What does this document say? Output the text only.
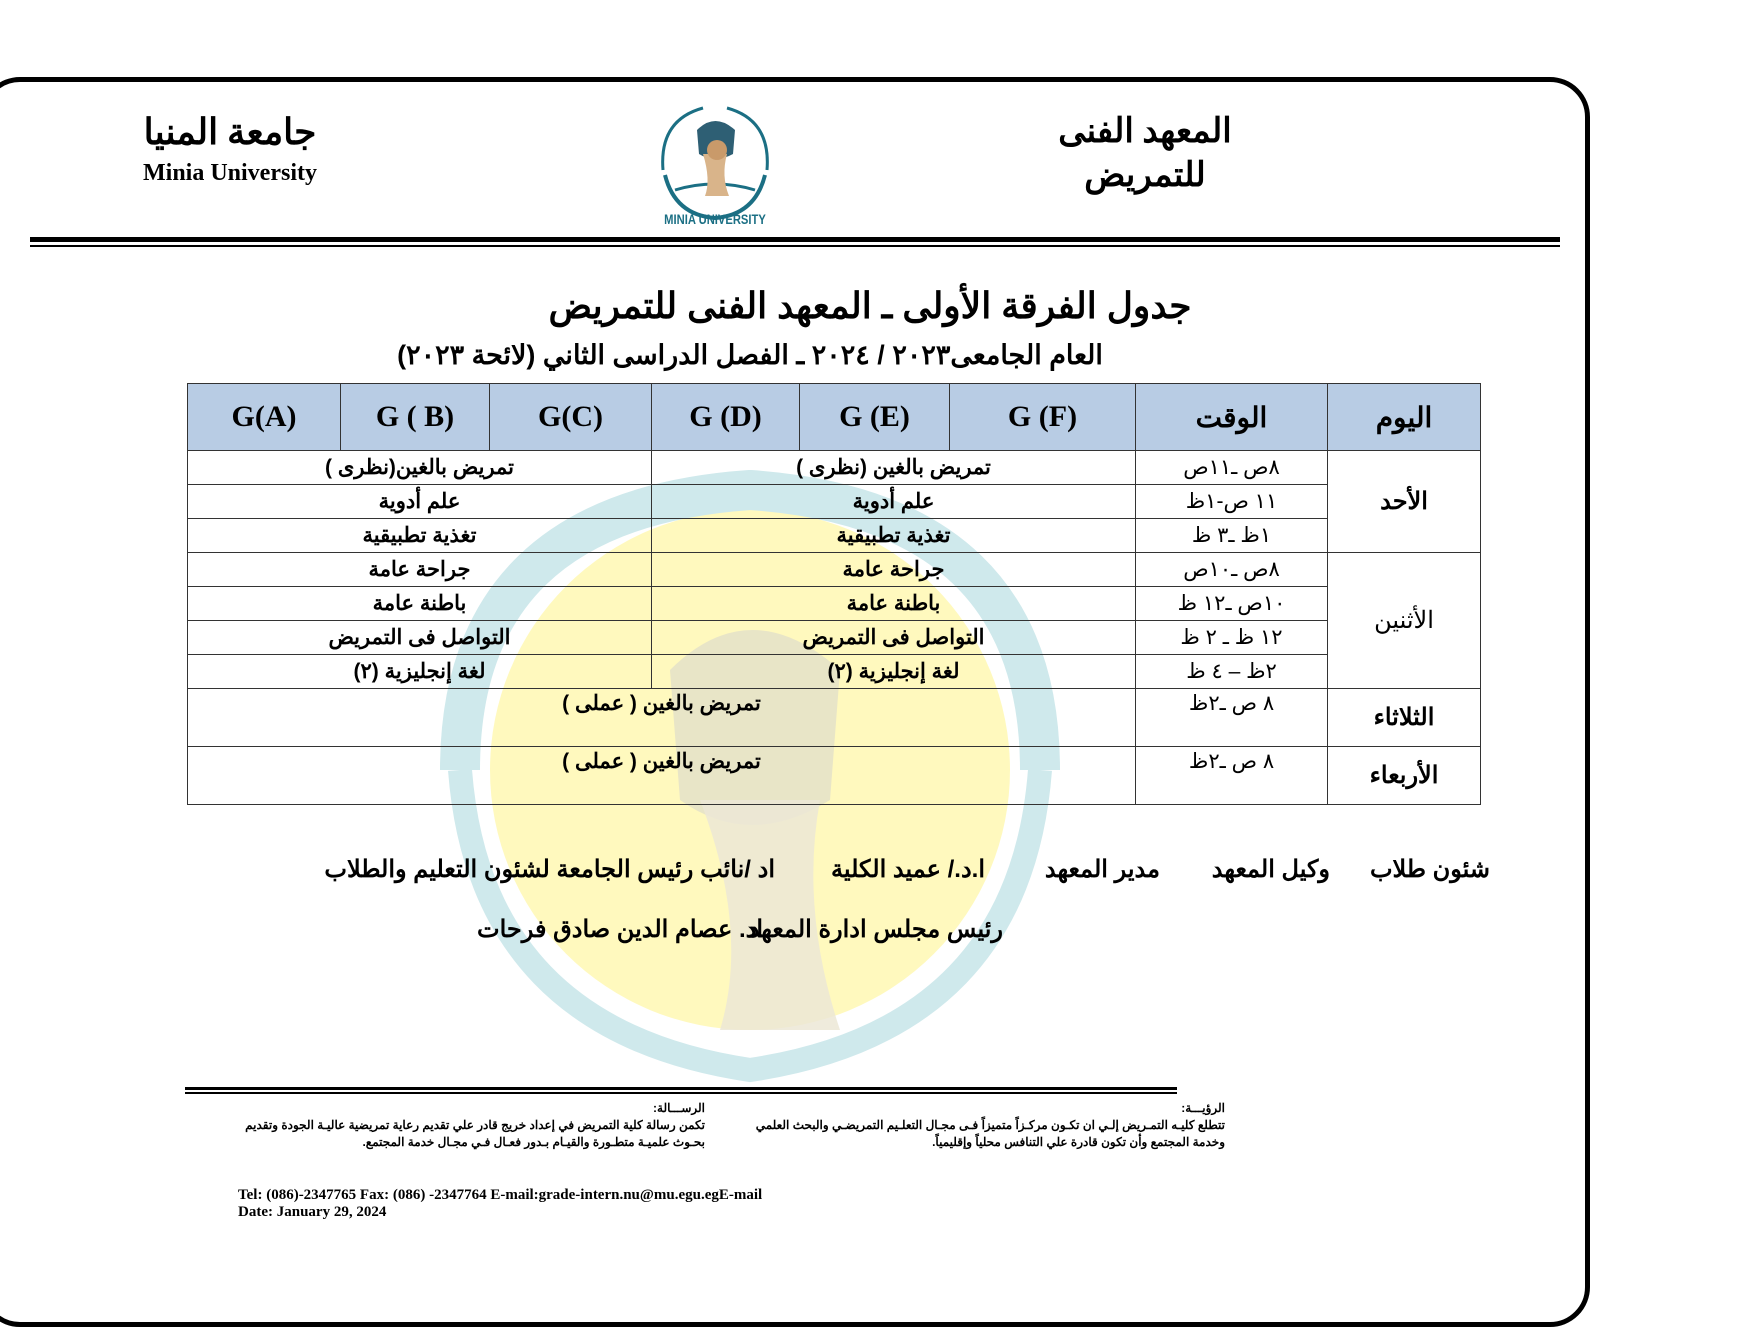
المعهد الفنى
للتمريض
MINIA UNIVERSITY
جامعة المنيا
Minia University
جدول الفرقة الأولى ـ المعهد الفنى للتمريض
العام الجامعى٢٠٢٣ / ٢٠٢٤ ـ الفصل الدراسى الثاني (لائحة ٢٠٢٣)
G(A)	G ( B)	G(C)	G (D)	G (E)	G (F)	الوقت	اليوم
تمريض بالغين(نظرى )			تمريض بالغين (نظرى )			٨ص ـ١١ص	الأحد
علم أدوية			علم أدوية			١١ ص-١ظ	
تغذية تطبيقية			تغذية تطبيقية			١ظ ـ٣ ظ	
جراحة عامة			جراحة عامة			٨ص ـ١٠ص	الأثنين
باطنة عامة			باطنة عامة			١٠ص ـ١٢ ظ	
التواصل فى التمريض			التواصل فى التمريض			١٢ ظ ـ ٢ ظ	
لغة إنجليزية (٢)			لغة إنجليزية (٢)			٢ظ – ٤ ظ	
تمريض بالغين ( عملى )						٨ ص ـ٢ظ	الثلاثاء
تمريض بالغين ( عملى )						٨ ص ـ٢ظ	الأربعاء
شئون طلاب
وكيل المعهد
مدير المعهد
ا.د./ عميد الكلية
اد /نائب رئيس الجامعة لشئون التعليم والطلاب
رئيس مجلس ادارة المعهد
اد. عصام الدين صادق فرحات
الرؤيـــة:
تتطلع كليـه التمـريض إلـي ان تكـون مركـزاً متميزاً فـى مجـال التعلـيم التمريضـي والبحث العلمي وخدمة المجتمع وأن تكون قادرة علي التنافس محلياً وإقليمياً.
الرســـالة:
تكمن رسالة كلية التمريض في إعداد خريج قادر علي تقديم رعاية تمريضية عاليـة الجودة وتقديم بحـوث علميـة متطـورة والقيـام بـدور فعـال فـي مجـال خدمة المجتمع.
Tel: (086)-2347765 Fax: (086) -2347764 E-mail:grade-intern.nu@mu.egu.egE-mail
Date: January 29, 2024
